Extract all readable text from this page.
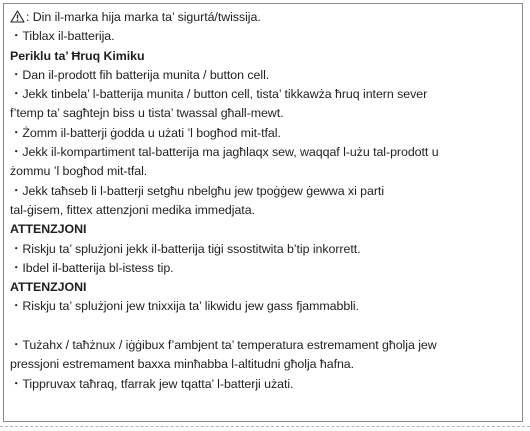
: Din il-marka hija marka ta’ sigurtá/twissija.
・Tiblax il-batterija.
Periklu ta’ Ħruq Kimiku
・Dan il-prodott fih batterija munita / button cell.
・Jekk tinbela’ l-batterija munita / button cell, tista’ tikkawża ħruq intern sever
f’temp ta’ sagħtejn biss u tista’ twassal għall-mewt.
・Żomm il-batterji ġodda u użati ’l bogħod mit-tfal.
・Jekk il-kompartiment tal-batterija ma jagħlaqx sew, waqqaf l-użu tal-prodott u
żommu ’l bogħod mit-tfal.
・Jekk taħseb li l-batterji setgħu nbelgħu jew tpoġġew ġewwa xi parti
tal-ġisem, fittex attenzjoni medika immedjata.
ATTENZJONI
・Riskju ta’ splużjoni jekk il-batterija tiġi ssostitwita b’tip inkorrett.
・Ibdel il-batterija bl-istess tip.
ATTENZJONI
・Riskju ta’ splużjoni jew tnixxija ta’ likwidu jew gass fjammabbli.
・Tużahx / taħżnux / iġġibux f’ambjent ta’ temperatura estremament għolja jew
pressjoni estremament baxxa minħabba l-altitudni għolja ħafna.
・Tippruvax taħraq, tfarrak jew tqatta’ l-batterji użati.
